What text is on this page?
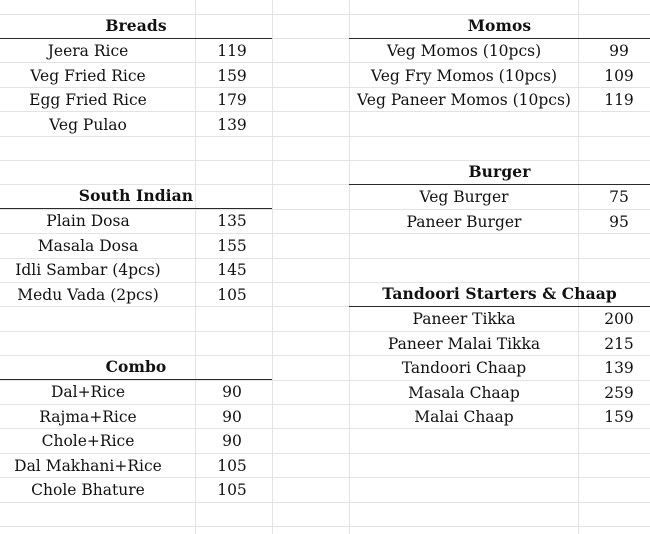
Breads
Jeera Rice	119
Veg Fried Rice	159
Egg Fried Rice	179
Veg Pulao	139
South Indian
Plain Dosa	135
Masala Dosa	155
Idli Sambar (4pcs)	145
Medu Vada (2pcs)	105
Combo
Dal+Rice	90
Rajma+Rice	90
Chole+Rice	90
Dal Makhani+Rice	105
Chole Bhature	105
Momos
Veg Momos (10pcs)	99
Veg Fry Momos (10pcs)	109
Veg Paneer Momos (10pcs)	119
Burger
Veg Burger	75
Paneer Burger	95
Tandoori Starters & Chaap
Paneer Tikka	200
Paneer Malai Tikka	215
Tandoori Chaap	139
Masala Chaap	259
Malai Chaap	159
